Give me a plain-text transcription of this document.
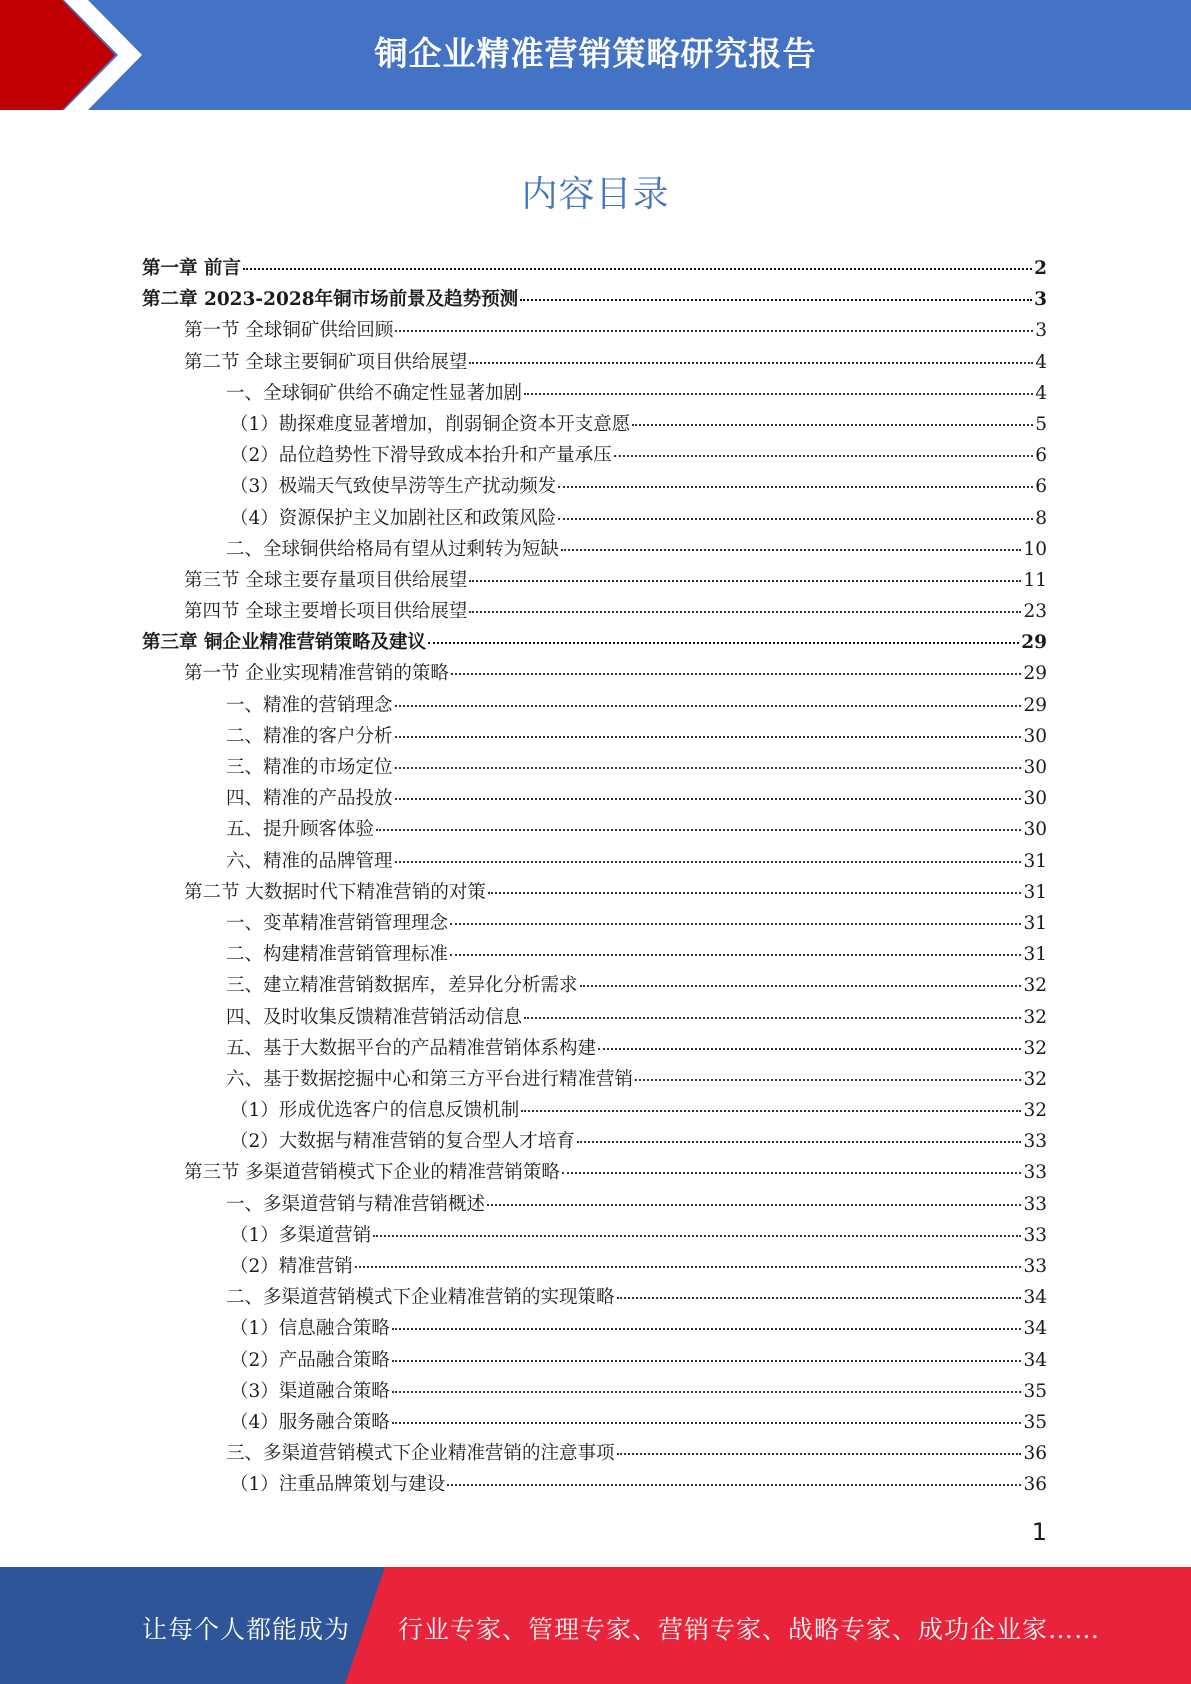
铜企业精准营销策略研究报告
内容目录
第一章 前言	2
第二章 2023-2028年铜市场前景及趋势预测	3
第一节 全球铜矿供给回顾	3
第二节 全球主要铜矿项目供给展望	4
一、全球铜矿供给不确定性显著加剧	4
（1）勘探难度显著增加，削弱铜企资本开支意愿	5
（2）品位趋势性下滑导致成本抬升和产量承压	6
（3）极端天气致使旱涝等生产扰动频发	6
（4）资源保护主义加剧社区和政策风险	8
二、全球铜供给格局有望从过剩转为短缺	10
第三节 全球主要存量项目供给展望	11
第四节 全球主要增长项目供给展望	23
第三章 铜企业精准营销策略及建议	29
第一节 企业实现精准营销的策略	29
一、精准的营销理念	29
二、精准的客户分析	30
三、精准的市场定位	30
四、精准的产品投放	30
五、提升顾客体验	30
六、精准的品牌管理	31
第二节 大数据时代下精准营销的对策	31
一、变革精准营销管理理念	31
二、构建精准营销管理标准	31
三、建立精准营销数据库，差异化分析需求	32
四、及时收集反馈精准营销活动信息	32
五、基于大数据平台的产品精准营销体系构建	32
六、基于数据挖掘中心和第三方平台进行精准营销	32
（1）形成优选客户的信息反馈机制	32
（2）大数据与精准营销的复合型人才培育	33
第三节 多渠道营销模式下企业的精准营销策略	33
一、多渠道营销与精准营销概述	33
（1）多渠道营销	33
（2）精准营销	33
二、多渠道营销模式下企业精准营销的实现策略	34
（1）信息融合策略	34
（2）产品融合策略	34
（3）渠道融合策略	35
（4）服务融合策略	35
三、多渠道营销模式下企业精准营销的注意事项	36
（1）注重品牌策划与建设	36
1
让每个人都能成为 行业专家、管理专家、营销专家、战略专家、成功企业家……
